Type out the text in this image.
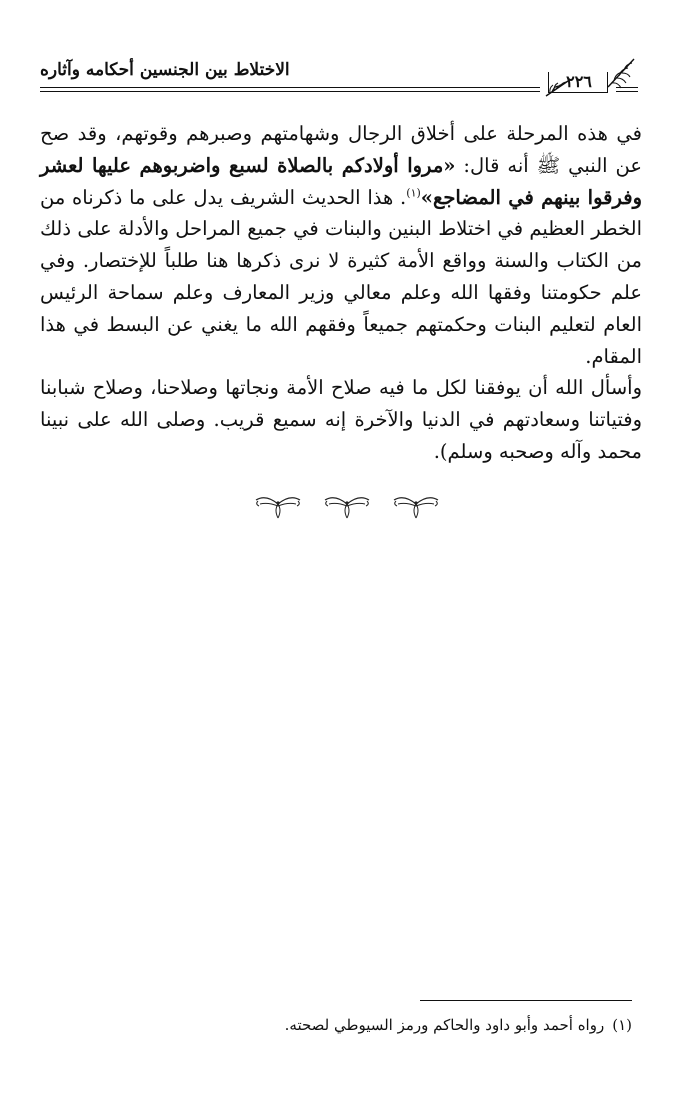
الاختلاط بين الجنسين أحكامه وآثاره
٢٢٦

في هذه المرحلة على أخلاق الرجال وشهامتهم وصبرهم وقوتهم، وقد صح عن النبي ﷺ أنه قال: «مروا أولادكم بالصلاة لسبع واضربوهم عليها لعشر وفرقوا بينهم في المضاجع»$^{(١)}$. هذا الحديث الشريف يدل على ما ذكرناه من الخطر العظيم في اختلاط البنين والبنات في جميع المراحل والأدلة على ذلك من الكتاب والسنة وواقع الأمة كثيرة لا نرى ذكرها هنا طلباً للإختصار. وفي علم حكومتنا وفقها الله وعلم معالي وزير المعارف وعلم سماحة الرئيس العام لتعليم البنات وحكمتهم جميعاً وفقهم الله ما يغني عن البسط في هذا المقام.

وأسأل الله أن يوفقنا لكل ما فيه صلاح الأمة ونجاتها وصلاحنا، وصلاح شبابنا وفتياتنا وسعادتهم في الدنيا والآخرة إنه سميع قريب. وصلى الله على نبينا محمد وآله وصحبه وسلم).

(١)رواه أحمد وأبو داود والحاكم ورمز السيوطي لصحته.
